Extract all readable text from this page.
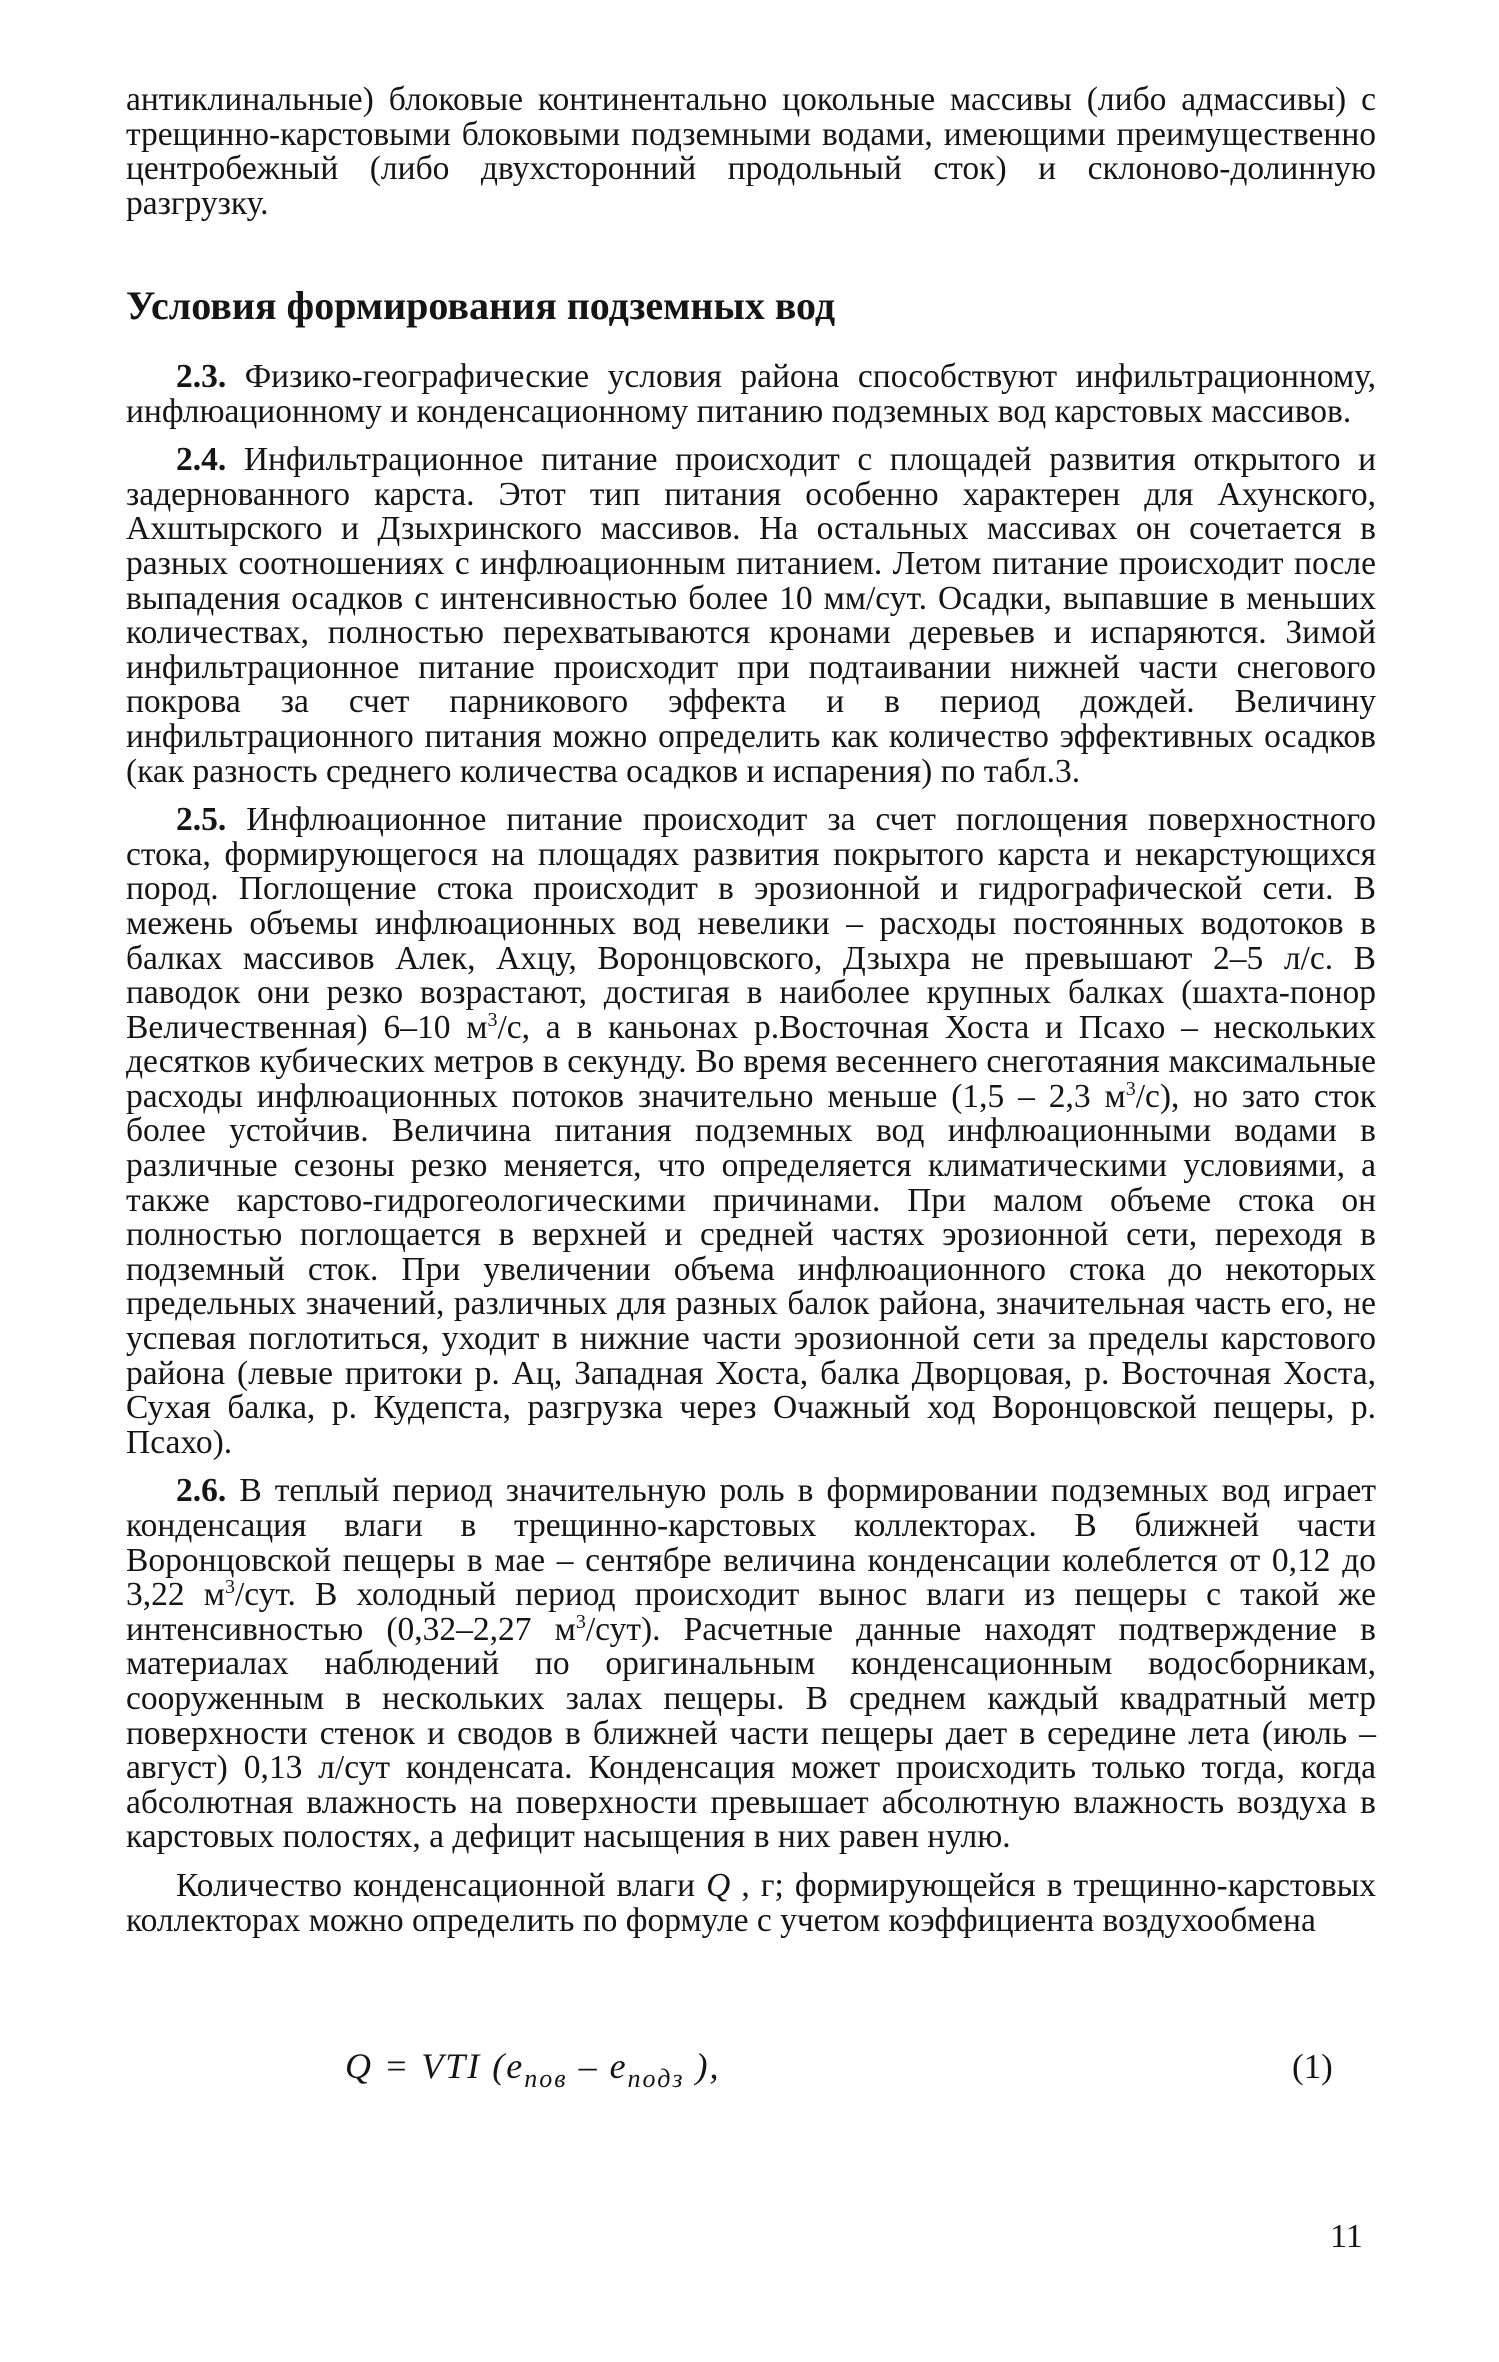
антиклинальные) блоковые континентально цокольные массивы (либо адмассивы) с трещинно-карстовыми блоковыми подземными водами, имеющими преимущественно центробежный (либо двухсторонний продольный сток) и склоново-долинную разгрузку.

Условия формирования подземных вод

2.3. Физико-географические условия района способствуют инфильтрационному, инфлюационному и конденсационному питанию подземных вод карстовых массивов.

2.4. Инфильтрационное питание происходит с площадей развития открытого и задернованного карста. Этот тип питания особенно характерен для Ахунского, Ахштырского и Дзыхринского массивов. На остальных массивах он сочетается в разных соотношениях с инфлюационным питанием. Летом питание происходит после выпадения осадков с интенсивностью более 10 мм/сут. Осадки, выпавшие в меньших количествах, полностью перехватываются кронами деревьев и испаряются. Зимой инфильтрационное питание происходит при подтаивании нижней части снегового покрова за счет парникового эффекта и в период дождей. Величину инфильтрационного питания можно определить как количество эффективных осадков (как разность среднего количества осадков и испарения) по табл.3.

2.5. Инфлюационное питание происходит за счет поглощения поверхностного стока, формирующегося на площадях развития покрытого карста и некарстующихся пород. Поглощение стока происходит в эрозионной и гидрографической сети. В межень объемы инфлюационных вод невелики – расходы постоянных водотоков в балках массивов Алек, Ахцу, Воронцовского, Дзыхра не превышают 2–5 л/с. В паводок они резко возрастают, достигая в наиболее крупных балках (шахта-понор Величественная) 6–10 $м^3/с$, а в каньонах р.Восточная Хоста и Псахо – нескольких десятков кубических метров в секунду. Во время весеннего снеготаяния максимальные расходы инфлюационных потоков значительно меньше (1,5 – 2,3 $м^3/с$), но зато сток более устойчив. Величина питания подземных вод инфлюационными водами в различные сезоны резко меняется, что определяется климатическими условиями, а также карстово-гидрогеологическими причинами. При малом объеме стока он полностью поглощается в верхней и средней частях эрозионной сети, переходя в подземный сток. При увеличении объема инфлюационного стока до некоторых предельных значений, различных для разных балок района, значительная часть его, не успевая поглотиться, уходит в нижние части эрозионной сети за пределы карстового района (левые притоки р. Ац, Западная Хоста, балка Дворцовая, р. Восточная Хоста, Сухая балка, р. Кудепста, разгрузка через Очажный ход Воронцовской пещеры, р. Псахо).

2.6. В теплый период значительную роль в формировании подземных вод играет конденсация влаги в трещинно-карстовых коллекторах. В ближней части Воронцовской пещеры в мае – сентябре величина конденсации колеблется от 0,12 до 3,22 $м^3$/сут. В холодный период происходит вынос влаги из пещеры с такой же интенсивностью (0,32–2,27 $м^3/сут$). Расчетные данные находят подтверждение в материалах наблюдений по оригинальным конденсационным водосборникам, сооруженным в нескольких залах пещеры. В среднем каждый квадратный метр поверхности стенок и сводов в ближней части пещеры дает в середине лета (июль – август) 0,13 л/сут конденсата. Конденсация может происходить только тогда, когда абсолютная влажность на поверхности превышает абсолютную влажность воздуха в карстовых полостях, а дефицит насыщения в них равен нулю.

Количество конденсационной влаги Q , г; формирующейся в трещинно-карстовых коллекторах можно определить по формуле с учетом коэффициента воздухообмена

Q = VTI ($e_{пов} - e_{подз}$ ),	(1)
11
